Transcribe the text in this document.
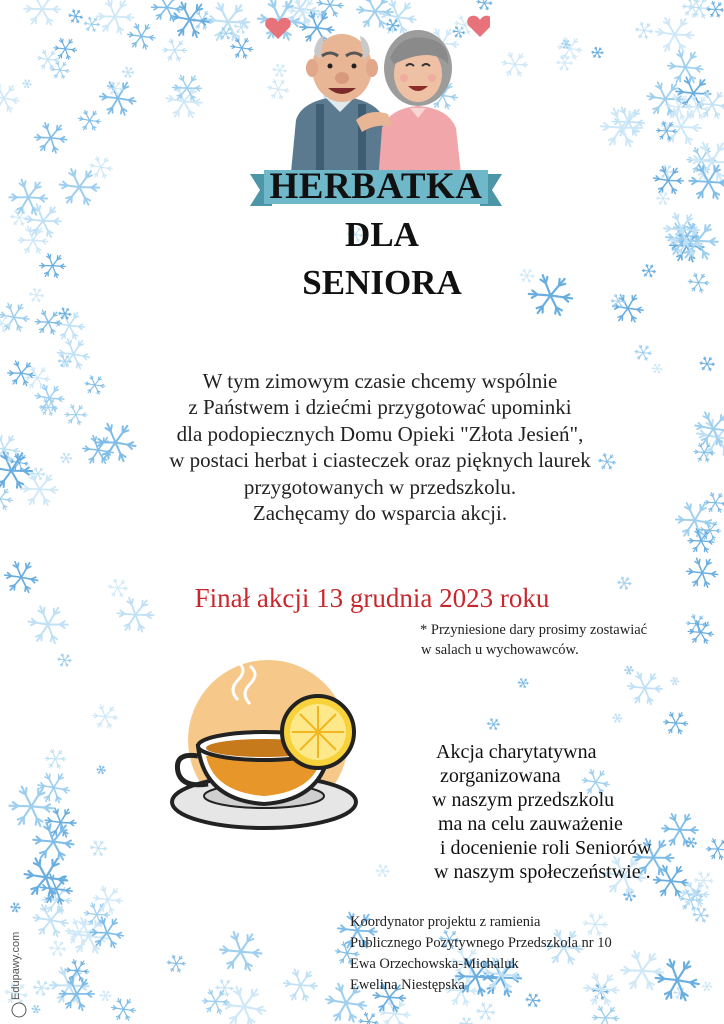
HERBATKA
DLA
SENIORA
W tym zimowym czasie chcemy wspólnie
z Państwem i dziećmi przygotować upominki
dla podopiecznych Domu Opieki "Złota Jesień",
w postaci herbat i ciasteczek oraz pięknych laurek
przygotowanych w przedszkolu.
Zachęcamy do wsparcia akcji.
Finał akcji 13 grudnia 2023 roku
* Przyniesione dary prosimy zostawiać
w salach u wychowawców.
Akcja charytatywna
zorganizowana
w naszym przedszkolu
ma na celu zauważenie
i docenienie roli Seniorów
w naszym społeczeństwie .
Koordynator projektu z ramienia
Publicznego Pozytywnego Przedszkola nr 10
Ewa Orzechowska-Michaluk
Ewelina Niestępska
Edupawy.com
